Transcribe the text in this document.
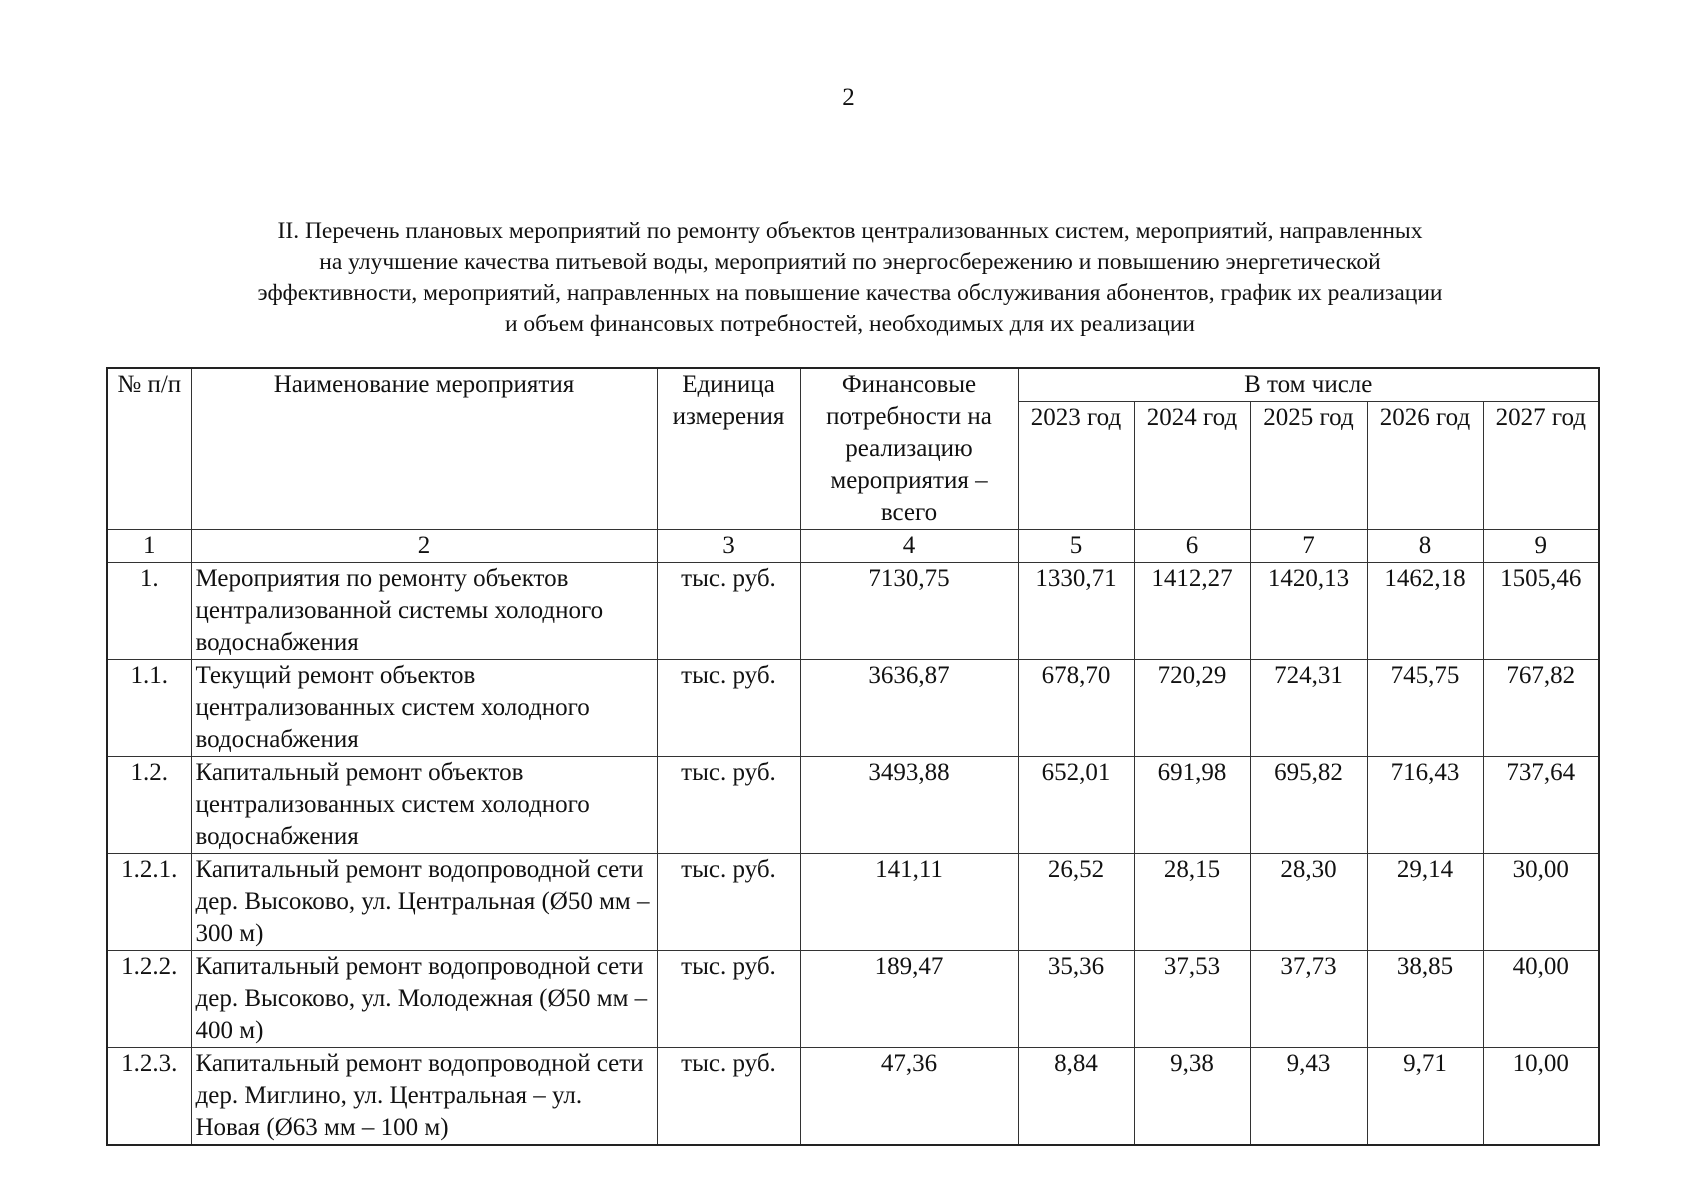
2
II. Перечень плановых мероприятий по ремонту объектов централизованных систем, мероприятий, направленных
на улучшение качества питьевой воды, мероприятий по энергосбережению и повышению энергетической
эффективности, мероприятий, направленных на повышение качества обслуживания абонентов, график их реализации
и объем финансовых потребностей, необходимых для их реализации
№ п/п	Наименование мероприятия	Единица измерения	Финансовые потребности на реализацию мероприятия – всего	В том числе				
				2023 год	2024 год	2025 год	2026 год	2027 год
1	2	3	4	5	6	7	8	9
1.	Мероприятия по ремонту объектов централизованной системы холодного водоснабжения	тыс. руб.	7130,75	1330,71	1412,27	1420,13	1462,18	1505,46
1.1.	Текущий ремонт объектов централизованных систем холодного водоснабжения	тыс. руб.	3636,87	678,70	720,29	724,31	745,75	767,82
1.2.	Капитальный ремонт объектов централизованных систем холодного водоснабжения	тыс. руб.	3493,88	652,01	691,98	695,82	716,43	737,64
1.2.1.	Капитальный ремонт водопроводной сети дер. Высоково, ул. Центральная (Ø50 мм – 300 м)	тыс. руб.	141,11	26,52	28,15	28,30	29,14	30,00
1.2.2.	Капитальный ремонт водопроводной сети дер. Высоково, ул. Молодежная (Ø50 мм – 400 м)	тыс. руб.	189,47	35,36	37,53	37,73	38,85	40,00
1.2.3.	Капитальный ремонт водопроводной сети дер. Миглино, ул. Центральная – ул. Новая (Ø63 мм – 100 м)	тыс. руб.	47,36	8,84	9,38	9,43	9,71	10,00
